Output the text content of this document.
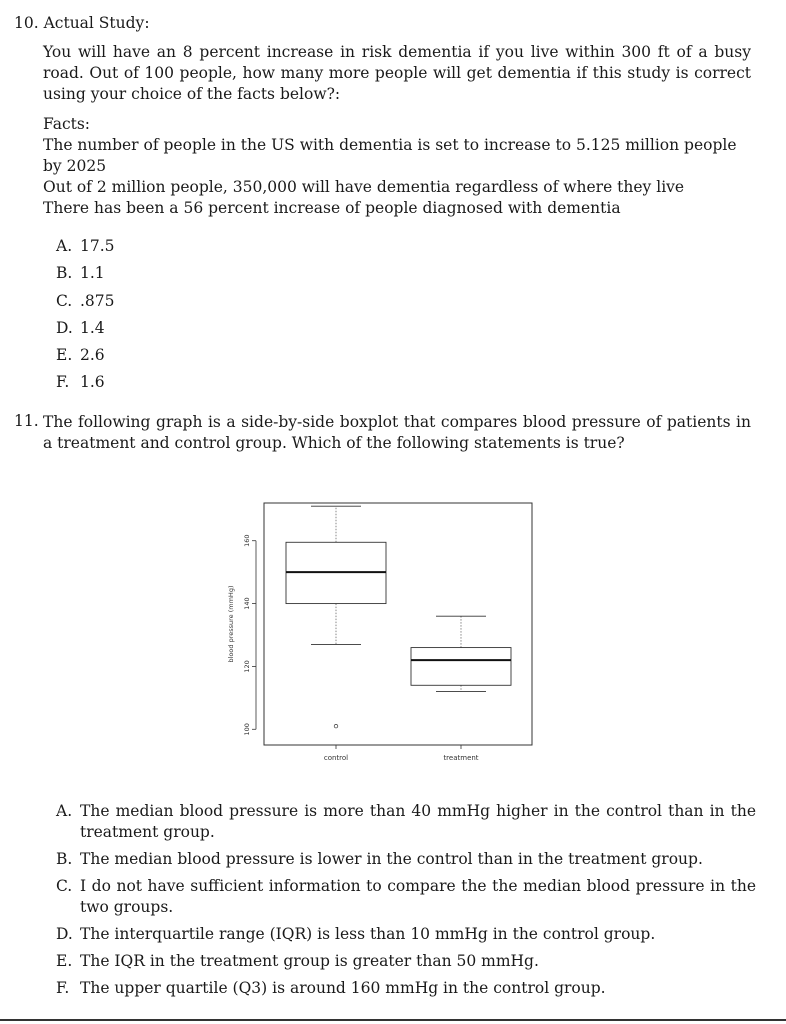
10. Actual Study:
You will have an 8 percent increase in risk dementia if you live within 300 ft of a busy road. Out of 100 people, how many more people will get dementia if this study is correct using your choice of the facts below?:
Facts:
The number of people in the US with dementia is set to increase to 5.125 million people by 2025
Out of 2 million people, 350,000 will have dementia regardless of where they live
There has been a 56 percent increase of people diagnosed with dementia
A. 17.5
B. 1.1
C. .875
D. 1.4
E. 2.6
F. 1.6
11. The following graph is a side-by-side boxplot that compares blood pressure of patients in a treatment and control group. Which of the following statements is true?
A. The median blood pressure is more than 40 mmHg higher in the control than in the treatment group.
B. The median blood pressure is lower in the control than in the treatment group.
C. I do not have sufficient information to compare the the median blood pressure in the two groups.
D. The interquartile range (IQR) is less than 10 mmHg in the control group.
E. The IQR in the treatment group is greater than 50 mmHg.
F. The upper quartile (Q3) is around 160 mmHg in the control group.
blood pressure (mmHg)
100
120
140
160
control	treatment
